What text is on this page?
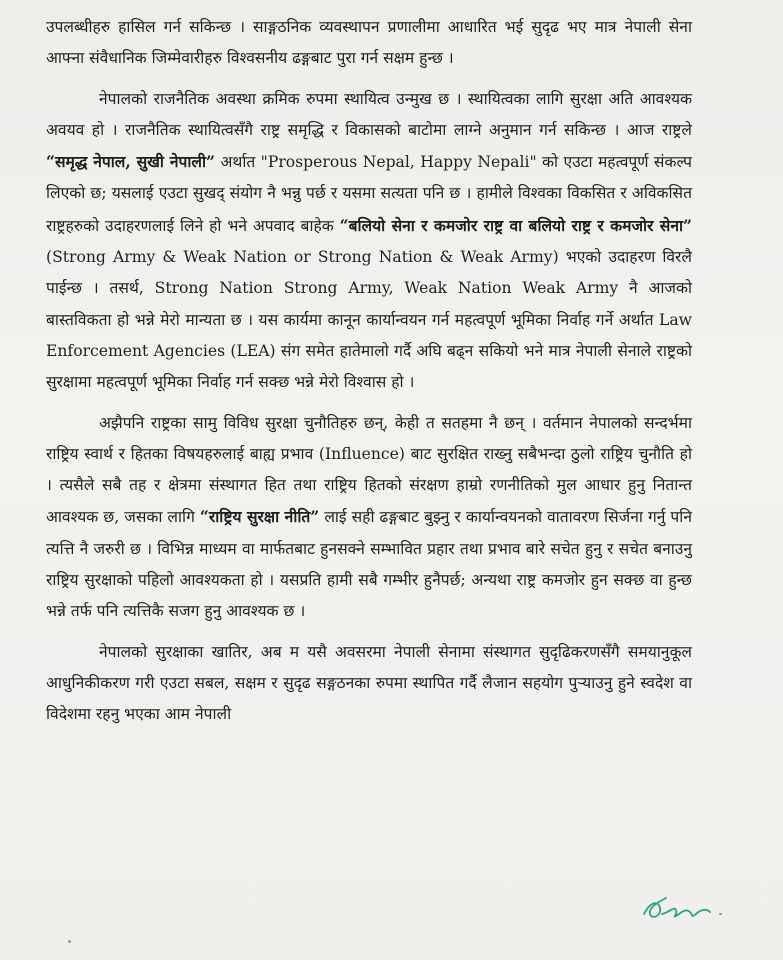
उपलब्धीहरु हासिल गर्न सकिन्छ । साङ्गठनिक व्यवस्थापन प्रणालीमा आधारित भई सुदृढ भए मात्र नेपाली सेना आफ्ना संवैधानिक जिम्मेवारीहरु विश्वसनीय ढङ्गबाट पुरा गर्न सक्षम हुन्छ ।

नेपालको राजनैतिक अवस्था क्रमिक रुपमा स्थायित्व उन्मुख छ । स्थायित्वका लागि सुरक्षा अति आवश्यक अवयव हो । राजनैतिक स्थायित्वसँगै राष्ट्र समृद्धि र विकासको बाटोमा लाग्ने अनुमान गर्न सकिन्छ । आज राष्ट्रले “समृद्ध नेपाल, सुखी नेपाली” अर्थात "Prosperous Nepal, Happy Nepali" को एउटा महत्वपूर्ण संकल्प लिएको छ; यसलाई एउटा सुखद् संयोग नै भन्नु पर्छ र यसमा सत्यता पनि छ । हामीले विश्वका विकसित र अविकसित राष्ट्रहरुको उदाहरणलाई लिने हो भने अपवाद बाहेक “बलियो सेना र कमजोर राष्ट्र वा बलियो राष्ट्र र कमजोर सेना” (Strong Army & Weak Nation or Strong Nation & Weak Army) भएको उदाहरण विरलै पाईन्छ । तसर्थ, Strong Nation Strong Army, Weak Nation Weak Army नै आजको बास्तविकता हो भन्ने मेरो मान्यता छ । यस कार्यमा कानून कार्यान्वयन गर्न महत्वपूर्ण भूमिका निर्वाह गर्ने अर्थात Law Enforcement Agencies (LEA) संग समेत हातेमालो गर्दै अघि बढ्न सकियो भने मात्र नेपाली सेनाले राष्ट्रको सुरक्षामा महत्वपूर्ण भूमिका निर्वाह गर्न सक्छ भन्ने मेरो विश्वास हो ।

अझैपनि राष्ट्रका सामु विविध सुरक्षा चुनौतिहरु छन्, केही त सतहमा नै छन् । वर्तमान नेपालको सन्दर्भमा राष्ट्रिय स्वार्थ र हितका विषयहरुलाई बाह्य प्रभाव (Influence) बाट सुरक्षित राख्नु सबैभन्दा ठुलो राष्ट्रिय चुनौति हो । त्यसैले सबै तह र क्षेत्रमा संस्थागत हित तथा राष्ट्रिय हितको संरक्षण हाम्रो रणनीतिको मुल आधार हुनु नितान्त आवश्यक छ, जसका लागि “राष्ट्रिय सुरक्षा नीति” लाई सही ढङ्गबाट बुझ्नु र कार्यान्वयनको वातावरण सिर्जना गर्नु पनि त्यत्ति नै जरुरी छ । विभिन्न माध्यम वा मार्फतबाट हुनसक्ने सम्भावित प्रहार तथा प्रभाव बारे सचेत हुनु र सचेत बनाउनु राष्ट्रिय सुरक्षाको पहिलो आवश्यकता हो । यसप्रति हामी सबै गम्भीर हुनैपर्छ; अन्यथा राष्ट्र कमजोर हुन सक्छ वा हुन्छ भन्ने तर्फ पनि त्यत्तिकै सजग हुनु आवश्यक छ ।

नेपालको सुरक्षाका खातिर, अब म यसै अवसरमा नेपाली सेनामा संस्थागत सुदृढिकरणसँगै समयानुकूल आधुनिकीकरण गरी एउटा सबल, सक्षम र सुदृढ सङ्गठनका रुपमा स्थापित गर्दै लैजान सहयोग पुऱ्याउनु हुने स्वदेश वा विदेशमा रहनु भएका आम नेपाली
